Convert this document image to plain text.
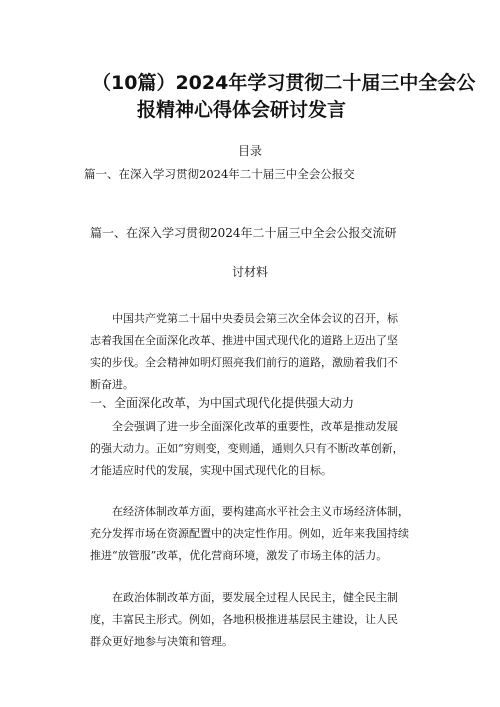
（10篇）2024年学习贯彻二十届三中全会公
报精神心得体会研讨发言
目录
篇一、在深入学习贯彻2024年二十届三中全会公报交
篇一、在深入学习贯彻2024年二十届三中全会公报交流研
讨材料
中国共产党第二十届中央委员会第三次全体会议的召开，标
志着我国在全面深化改革、推进中国式现代化的道路上迈出了坚
实的步伐。全会精神如明灯照亮我们前行的道路，激励着我们不
断奋进。
一、全面深化改革，为中国式现代化提供强大动力
全会强调了进一步全面深化改革的重要性，改革是推动发展
的强大动力。正如“穷则变，变则通，通则久只有不断改革创新，
才能适应时代的发展，实现中国式现代化的目标。
在经济体制改革方面，要构建高水平社会主义市场经济体制，
充分发挥市场在资源配置中的决定性作用。例如，近年来我国持续
推进“放管服”改革，优化营商环境，激发了市场主体的活力。
在政治体制改革方面，要发展全过程人民民主，健全民主制
度，丰富民主形式。例如，各地积极推进基层民主建设，让人民
群众更好地参与决策和管理。
